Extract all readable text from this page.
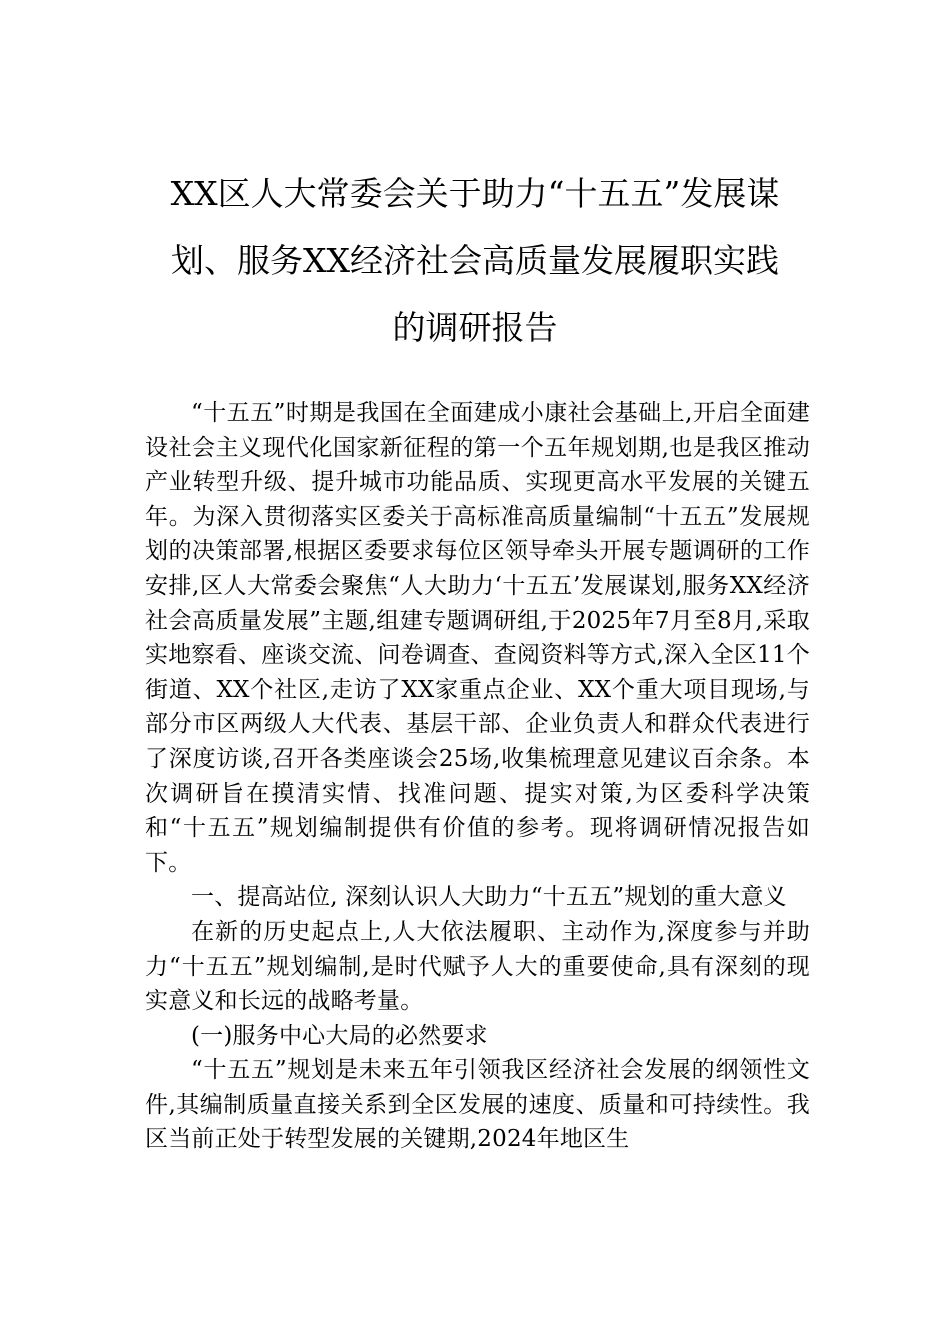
XX区人大常委会关于助力“十五五”发展谋
划、服务XX经济社会高质量发展履职实践
的调研报告

“十五五”时期是我国在全面建成小康社会基础上,开启全面建设社会主义现代化国家新征程的第一个五年规划期,也是我区推动产业转型升级、提升城市功能品质、实现更高水平发展的关键五年。为深入贯彻落实区委关于高标准高质量编制“十五五”发展规划的决策部署,根据区委要求每位区领导牵头开展专题调研的工作安排,区人大常委会聚焦“人大助力‘十五五’发展谋划,服务XX经济社会高质量发展”主题,组建专题调研组,于2025年7月至8月,采取实地察看、座谈交流、问卷调查、查阅资料等方式,深入全区11个街道、XX个社区,走访了XX家重点企业、XX个重大项目现场,与部分市区两级人大代表、基层干部、企业负责人和群众代表进行了深度访谈,召开各类座谈会25场,收集梳理意见建议百余条。本次调研旨在摸清实情、找准问题、提实对策,为区委科学决策和“十五五”规划编制提供有价值的参考。现将调研情况报告如下。

一、提高站位, 深刻认识人大助力“十五五”规划的重大意义

在新的历史起点上,人大依法履职、主动作为,深度参与并助力“十五五”规划编制,是时代赋予人大的重要使命,具有深刻的现实意义和长远的战略考量。

(一)服务中心大局的必然要求

“十五五”规划是未来五年引领我区经济社会发展的纲领性文件,其编制质量直接关系到全区发展的速度、质量和可持续性。我区当前正处于转型发展的关键期,2024年地区生
